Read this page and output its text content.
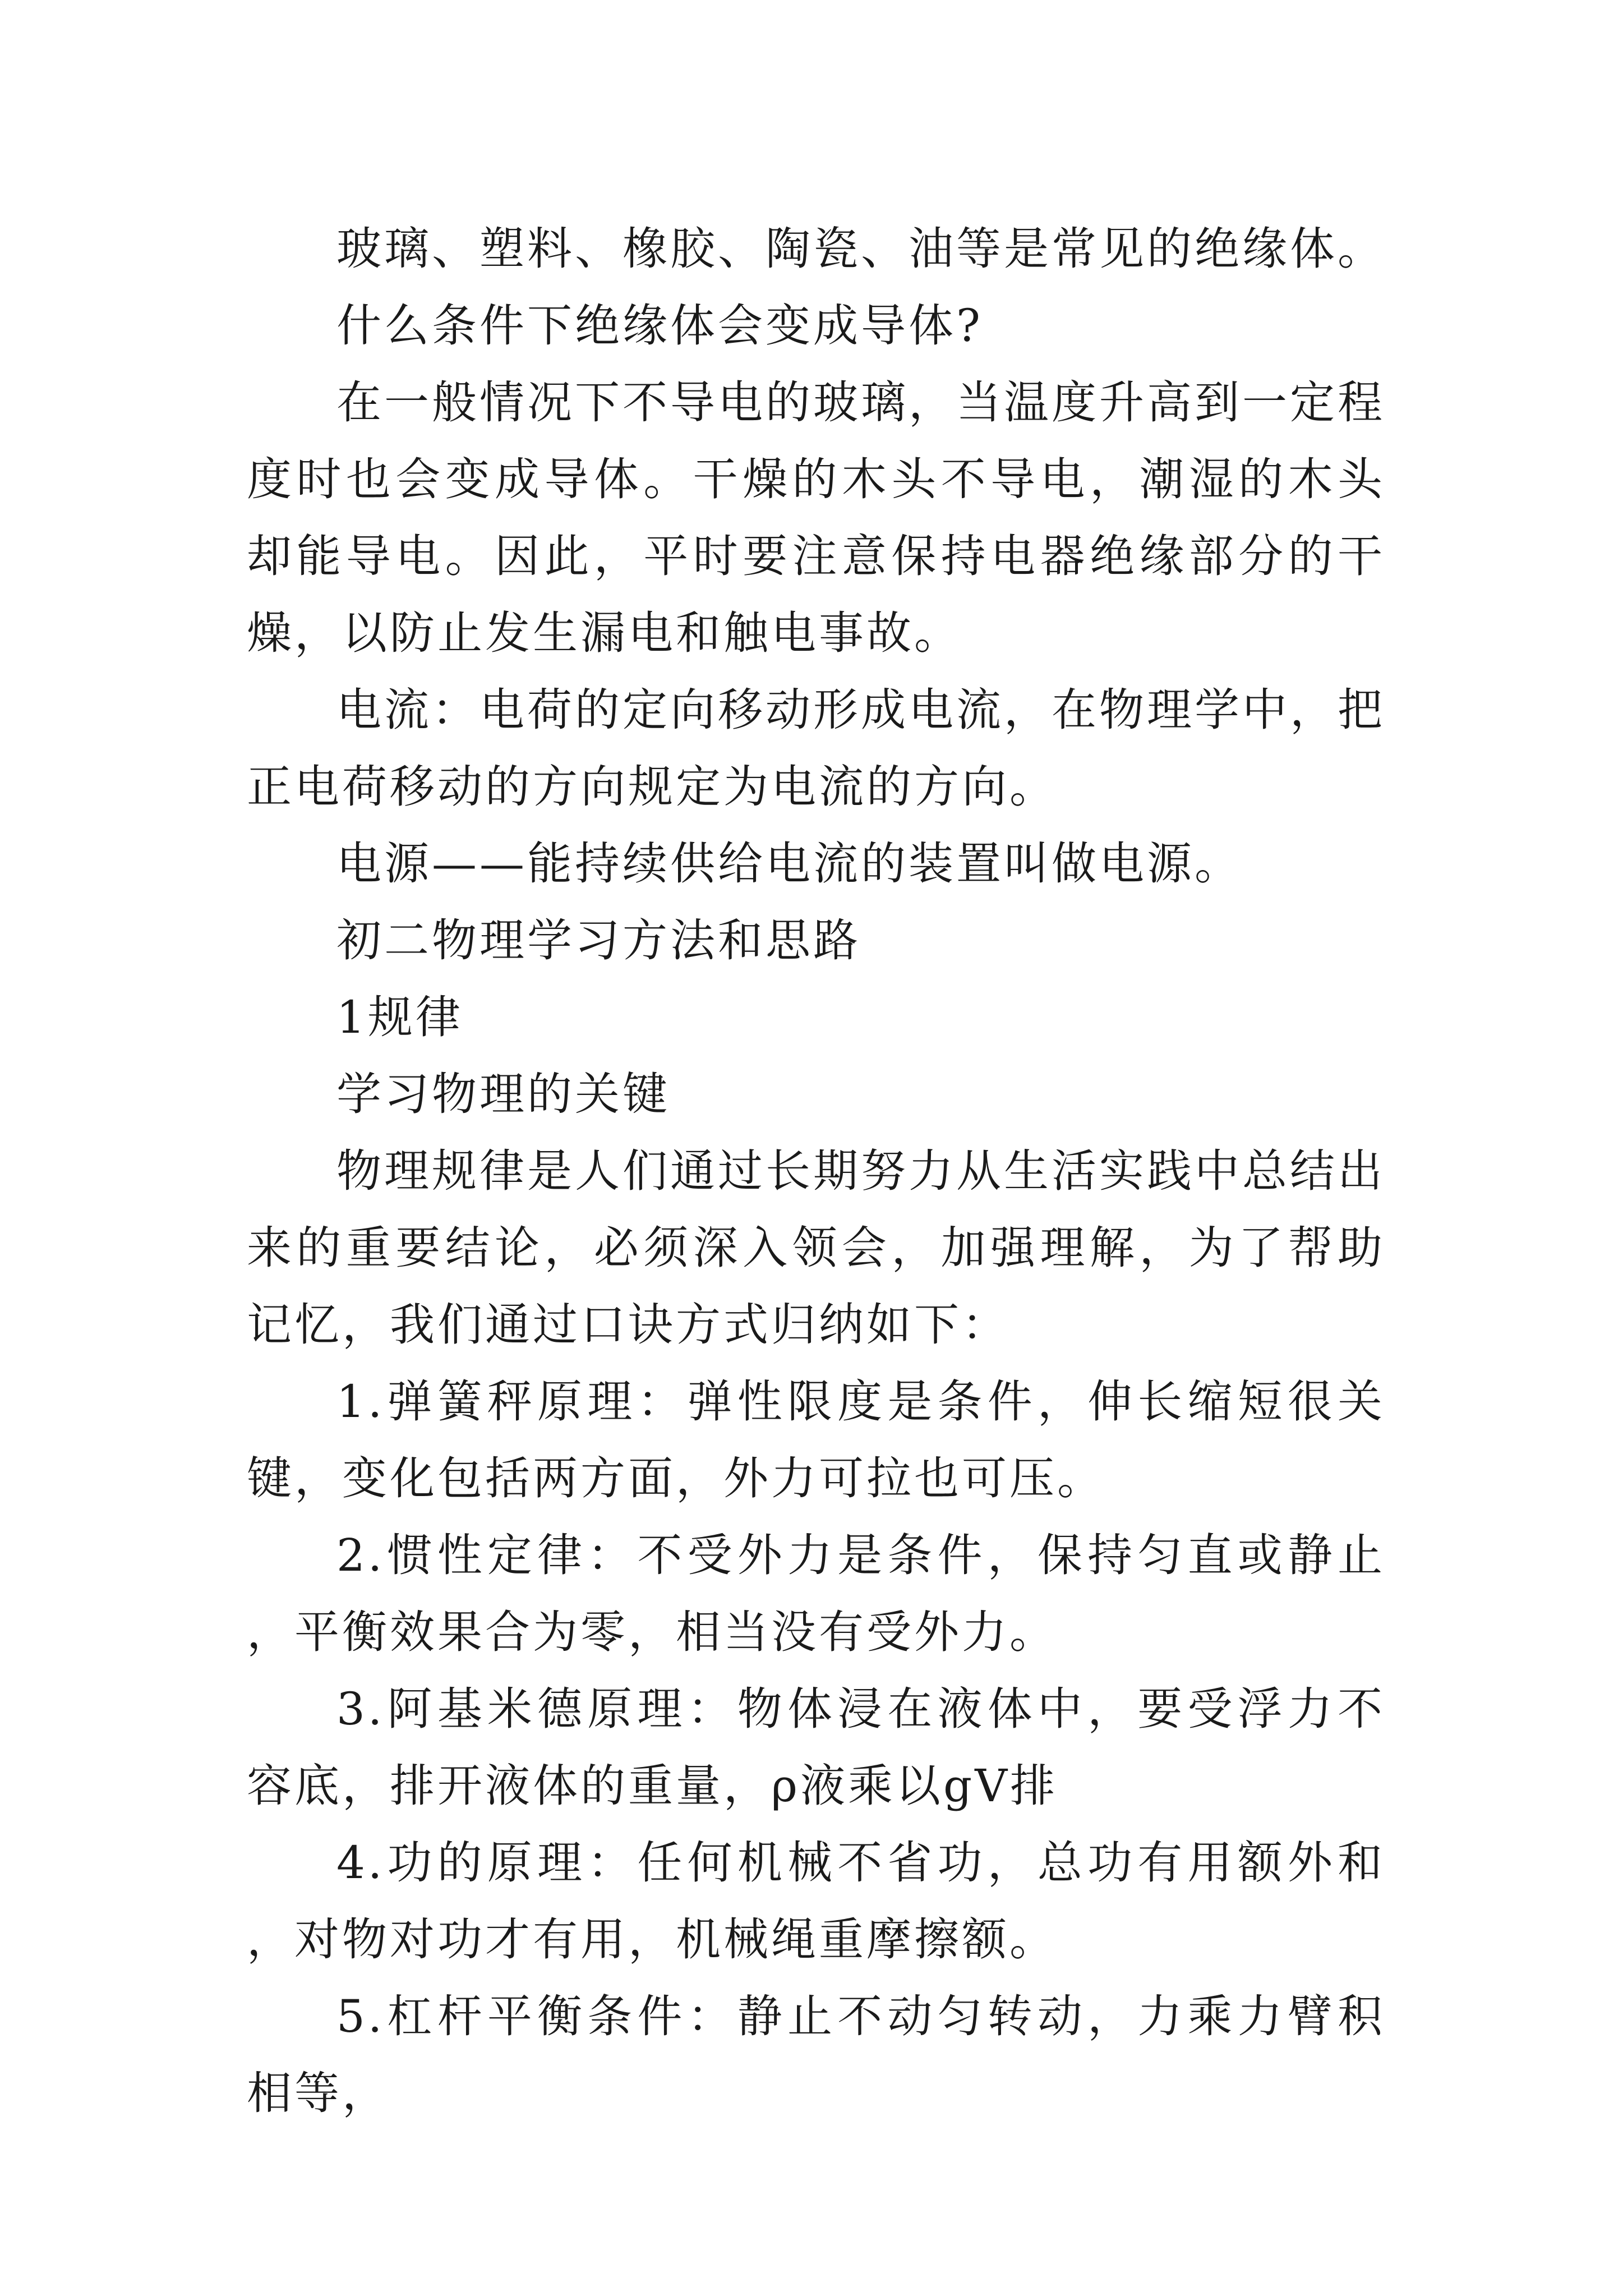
玻璃、塑料、橡胶、陶瓷、油等是常见的绝缘体。

什么条件下绝缘体会变成导体?

在一般情况下不导电的玻璃，当温度升高到一定程度时也会变成导体。干燥的木头不导电，潮湿的木头却能导电。因此，平时要注意保持电器绝缘部分的干燥，以防止发生漏电和触电事故。

电流：电荷的定向移动形成电流，在物理学中，把正电荷移动的方向规定为电流的方向。

电源——能持续供给电流的装置叫做电源。

初二物理学习方法和思路

1规律

学习物理的关键

物理规律是人们通过长期努力从生活实践中总结出来的重要结论，必须深入领会，加强理解，为了帮助记忆，我们通过口诀方式归纳如下：

1.弹簧秤原理：弹性限度是条件，伸长缩短很关键，变化包括两方面，外力可拉也可压。

2.惯性定律：不受外力是条件，保持匀直或静止，平衡效果合为零，相当没有受外力。

3.阿基米德原理：物体浸在液体中，要受浮力不容底，排开液体的重量，ρ液乘以gV排

4.功的原理：任何机械不省功，总功有用额外和，对物对功才有用，机械绳重摩擦额。

5.杠杆平衡条件：静止不动匀转动，力乘力臂积相等，
